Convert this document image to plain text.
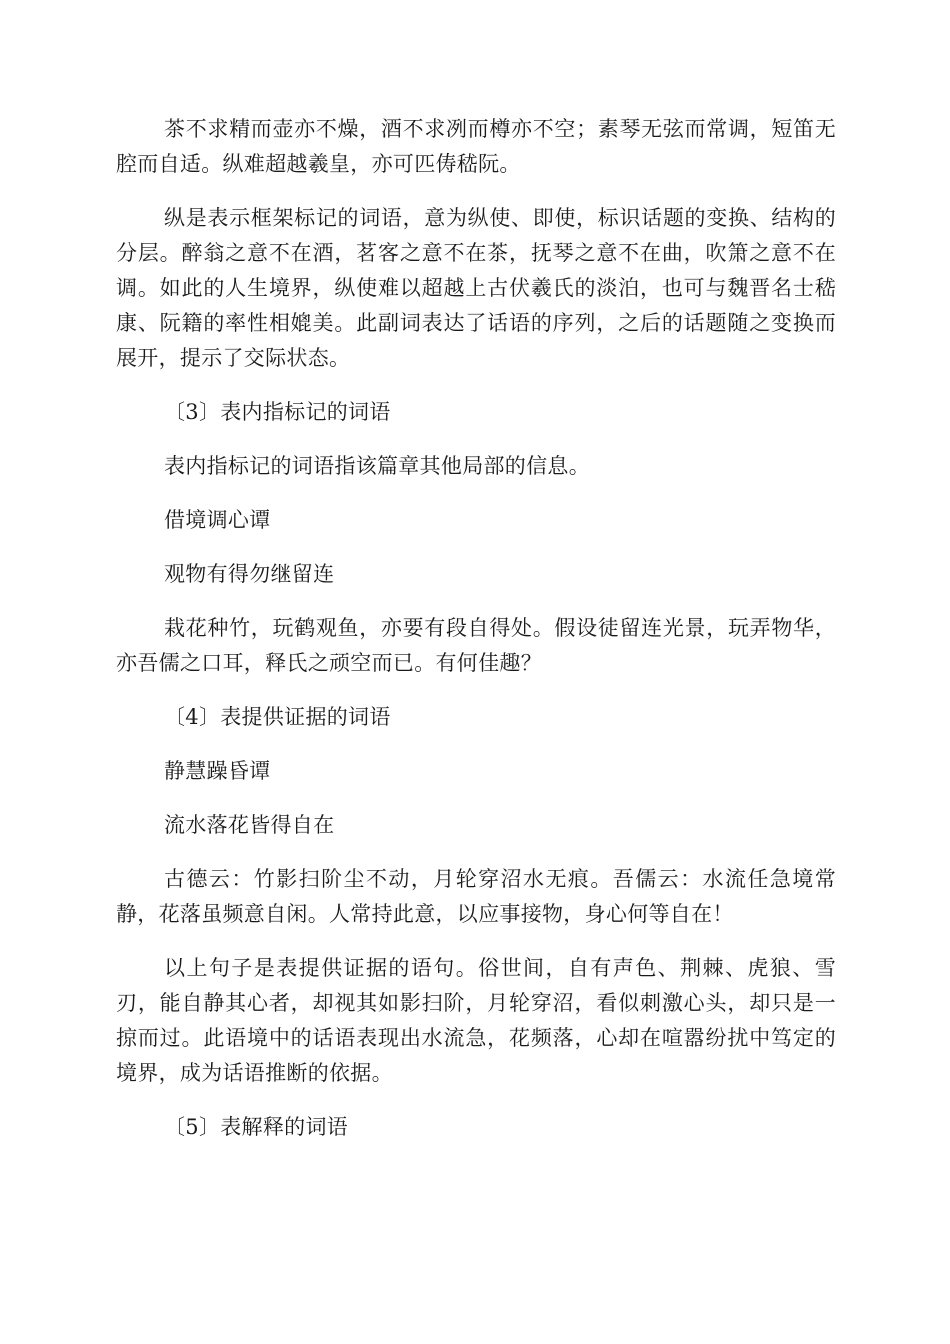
茶不求精而壶亦不燥，酒不求冽而樽亦不空；素琴无弦而常调，短笛无腔而自适。纵难超越羲皇，亦可匹俦嵇阮。

纵是表示框架标记的词语，意为纵使、即使，标识话题的变换、结构的分层。醉翁之意不在酒，茗客之意不在茶，抚琴之意不在曲，吹箫之意不在调。如此的人生境界，纵使难以超越上古伏羲氏的淡泊，也可与魏晋名士嵇康、阮籍的率性相媲美。此副词表达了话语的序列，之后的话题随之变换而展开，提示了交际状态。

〔3〕表内指标记的词语

表内指标记的词语指该篇章其他局部的信息。

借境调心谭

观物有得勿继留连

栽花种竹，玩鹤观鱼，亦要有段自得处。假设徒留连光景，玩弄物华，亦吾儒之口耳，释氏之顽空而已。有何佳趣？

〔4〕表提供证据的词语

静慧躁昏谭

流水落花皆得自在

古德云：竹影扫阶尘不动，月轮穿沼水无痕。吾儒云：水流任急境常静，花落虽频意自闲。人常持此意，以应事接物，身心何等自在！

以上句子是表提供证据的语句。俗世间，自有声色、荆棘、虎狼、雪刃，能自静其心者，却视其如影扫阶，月轮穿沼，看似刺激心头，却只是一掠而过。此语境中的话语表现出水流急，花频落，心却在喧嚣纷扰中笃定的境界，成为话语推断的依据。

〔5〕表解释的词语
